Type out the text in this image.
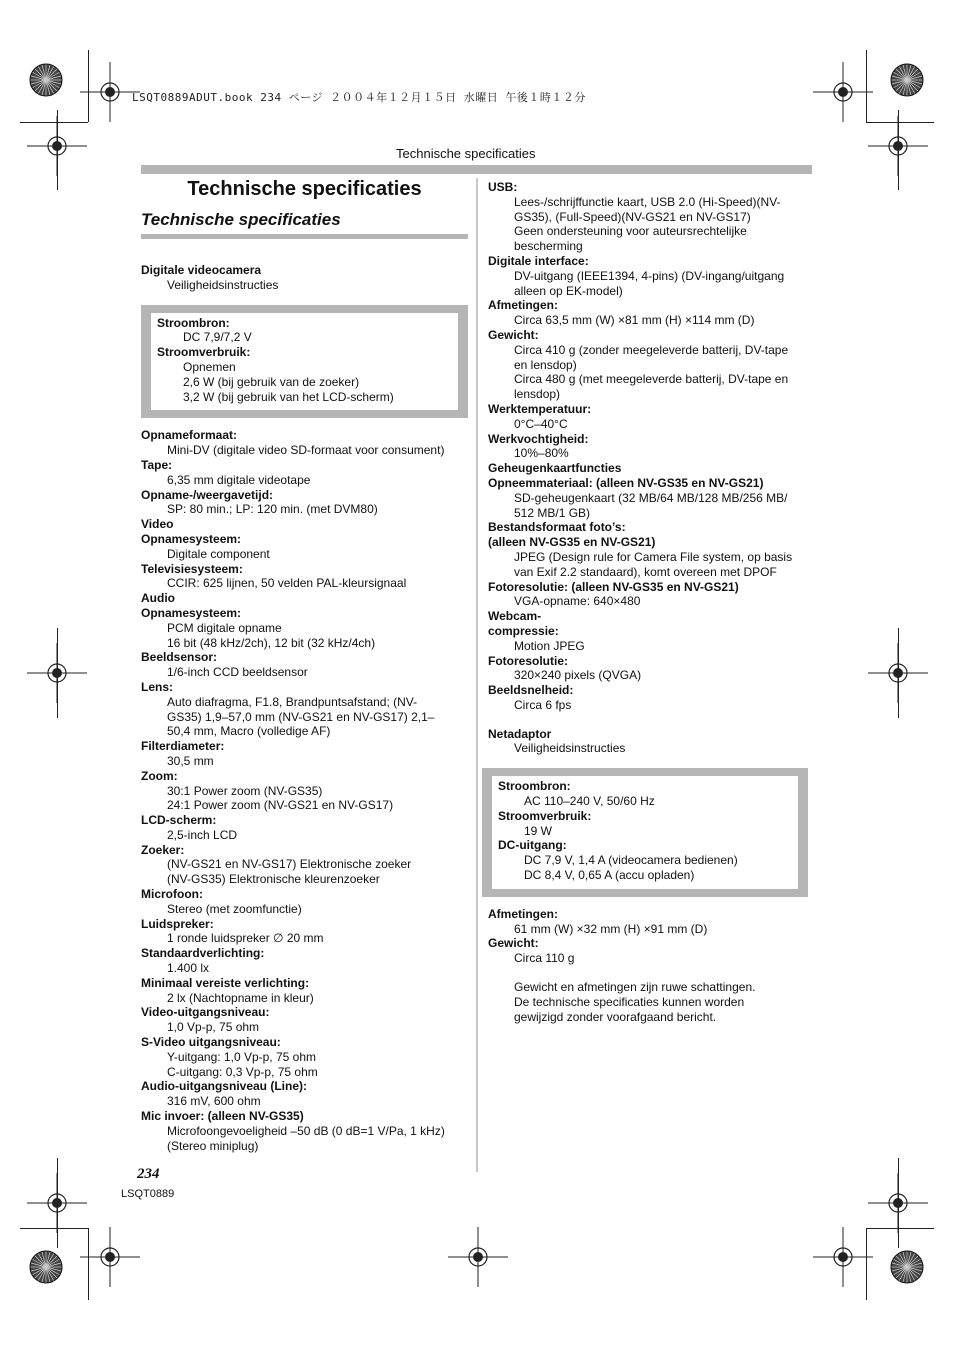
LSQT0889ADUT.book 234 ページ ２００４年１２月１５日 水曜日 午後１時１２分
Technische specificaties
Technische specificaties
Technische specificaties
Digitale videocamera
Veiligheidsinstructies
Stroombron:
DC 7,9/7,2 V
Stroomverbruik:
Opnemen
2,6 W (bij gebruik van de zoeker)
3,2 W (bij gebruik van het LCD-scherm)
Opnameformaat:
Mini-DV (digitale video SD-formaat voor consument)
Tape:
6,35 mm digitale videotape
Opname-/weergavetijd:
SP: 80 min.; LP: 120 min. (met DVM80)
Video
Opnamesysteem:
Digitale component
Televisiesysteem:
CCIR: 625 lijnen, 50 velden PAL-kleursignaal
Audio
Opnamesysteem:
PCM digitale opname
16 bit (48 kHz/2ch), 12 bit (32 kHz/4ch)
Beeldsensor:
1/6-inch CCD beeldsensor
Lens:
Auto diafragma, F1.8, Brandpuntsafstand; (NV-
GS35) 1,9–57,0 mm (NV-GS21 en NV-GS17) 2,1–
50,4 mm, Macro (volledige AF)
Filterdiameter:
30,5 mm
Zoom:
30:1 Power zoom (NV-GS35)
24:1 Power zoom (NV-GS21 en NV-GS17)
LCD-scherm:
2,5-inch LCD
Zoeker:
(NV-GS21 en NV-GS17) Elektronische zoeker
(NV-GS35) Elektronische kleurenzoeker
Microfoon:
Stereo (met zoomfunctie)
Luidspreker:
1 ronde luidspreker ∅ 20 mm
Standaardverlichting:
1.400 lx
Minimaal vereiste verlichting:
2 lx (Nachtopname in kleur)
Video-uitgangsniveau:
1,0 Vp-p, 75 ohm
S-Video uitgangsniveau:
Y-uitgang: 1,0 Vp-p, 75 ohm
C-uitgang: 0,3 Vp-p, 75 ohm
Audio-uitgangsniveau (Line):
316 mV, 600 ohm
Mic invoer: (alleen NV-GS35)
Microfoongevoeligheid –50 dB (0 dB=1 V/Pa, 1 kHz)
(Stereo miniplug)
USB:
Lees-/schrijffunctie kaart, USB 2.0 (Hi-Speed)(NV-
GS35), (Full-Speed)(NV-GS21 en NV-GS17)
Geen ondersteuning voor auteursrechtelijke
bescherming
Digitale interface:
DV-uitgang (IEEE1394, 4-pins) (DV-ingang/uitgang
alleen op EK-model)
Afmetingen:
Circa 63,5 mm (W) ×81 mm (H) ×114 mm (D)
Gewicht:
Circa 410 g (zonder meegeleverde batterij, DV-tape
en lensdop)
Circa 480 g (met meegeleverde batterij, DV-tape en
lensdop)
Werktemperatuur:
0°C–40°C
Werkvochtigheid:
10%–80%
Geheugenkaartfuncties
Opneemmateriaal: (alleen NV-GS35 en NV-GS21)
SD-geheugenkaart (32 MB/64 MB/128 MB/256 MB/
512 MB/1 GB)
Bestandsformaat foto’s:
(alleen NV-GS35 en NV-GS21)
JPEG (Design rule for Camera File system, op basis
van Exif 2.2 standaard), komt overeen met DPOF
Fotoresolutie: (alleen NV-GS35 en NV-GS21)
VGA-opname: 640×480
Webcam-
compressie:
Motion JPEG
Fotoresolutie:
320×240 pixels (QVGA)
Beeldsnelheid:
Circa 6 fps
Netadaptor
Veiligheidsinstructies
Stroombron:
AC 110–240 V, 50/60 Hz
Stroomverbruik:
19 W
DC-uitgang:
DC 7,9 V, 1,4 A (videocamera bedienen)
DC 8,4 V, 0,65 A (accu opladen)
Afmetingen:
61 mm (W) ×32 mm (H) ×91 mm (D)
Gewicht:
Circa 110 g
Gewicht en afmetingen zijn ruwe schattingen.
De technische specificaties kunnen worden
gewijzigd zonder voorafgaand bericht.
234
LSQT0889
